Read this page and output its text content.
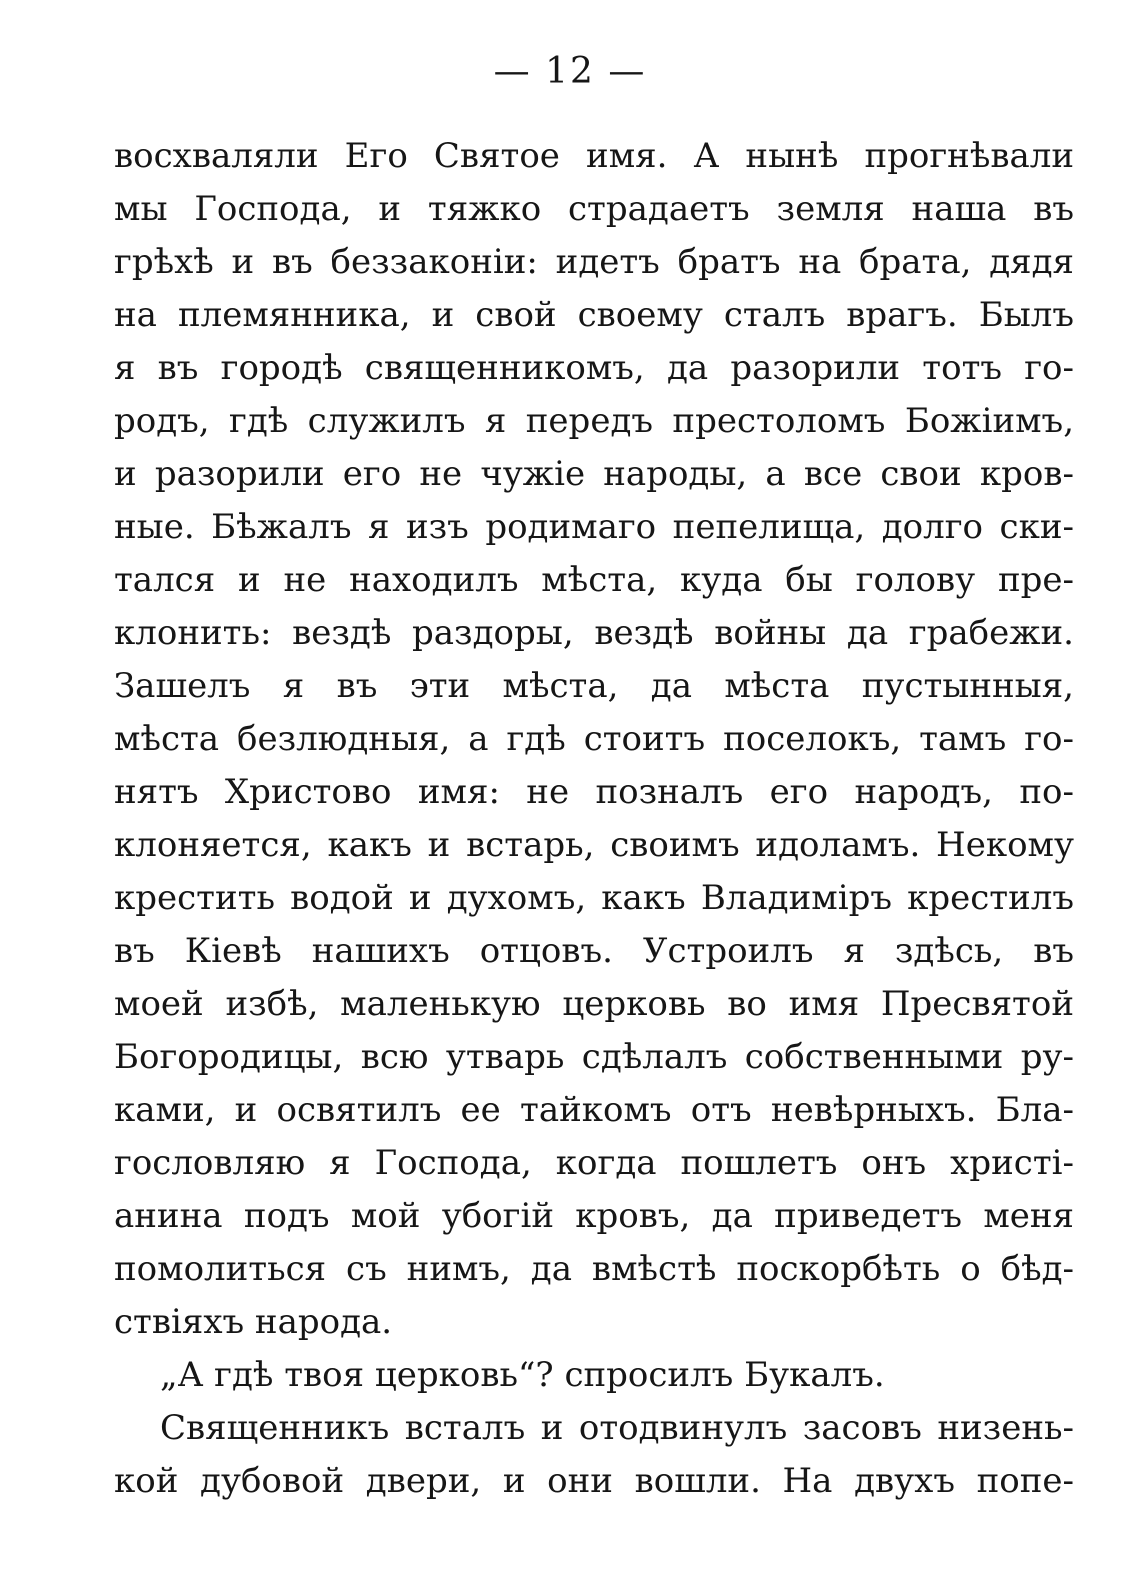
— 12 —
восхваляли Его Святое имя. А нынѣ прогнѣвали
мы Господа, и тяжко страдаетъ земля наша въ
грѣхѣ и въ беззаконіи: идетъ братъ на брата, дядя
на племянника, и свой своему сталъ врагъ. Былъ
я въ городѣ священникомъ, да разорили тотъ го-
родъ, гдѣ служилъ я передъ престоломъ Божіимъ,
и разорили его не чужіе народы, а все свои кров-
ные. Бѣжалъ я изъ родимаго пепелища, долго ски-
тался и не находилъ мѣста, куда бы голову пре-
клонить: вездѣ раздоры, вездѣ войны да грабежи.
Зашелъ я въ эти мѣста, да мѣста пустынныя,
мѣста безлюдныя, а гдѣ стоитъ поселокъ, тамъ го-
нятъ Христово имя: не позналъ его народъ, по-
клоняется, какъ и встарь, своимъ идоламъ. Некому
крестить водой и духомъ, какъ Владиміръ крестилъ
въ Кіевѣ нашихъ отцовъ. Устроилъ я здѣсь, въ
моей избѣ, маленькую церковь во имя Пресвятой
Богородицы, всю утварь сдѣлалъ собственными ру-
ками, и освятилъ ее тайкомъ отъ невѣрныхъ. Бла-
гословляю я Господа, когда пошлетъ онъ христі-
анина подъ мой убогій кровъ, да приведетъ меня
помолиться съ нимъ, да вмѣстѣ поскорбѣть о бѣд-
ствіяхъ народа.
„А гдѣ твоя церковь“? спросилъ Букалъ.
Священникъ всталъ и отодвинулъ засовъ низень-
кой дубовой двери, и они вошли. На двухъ попе-
